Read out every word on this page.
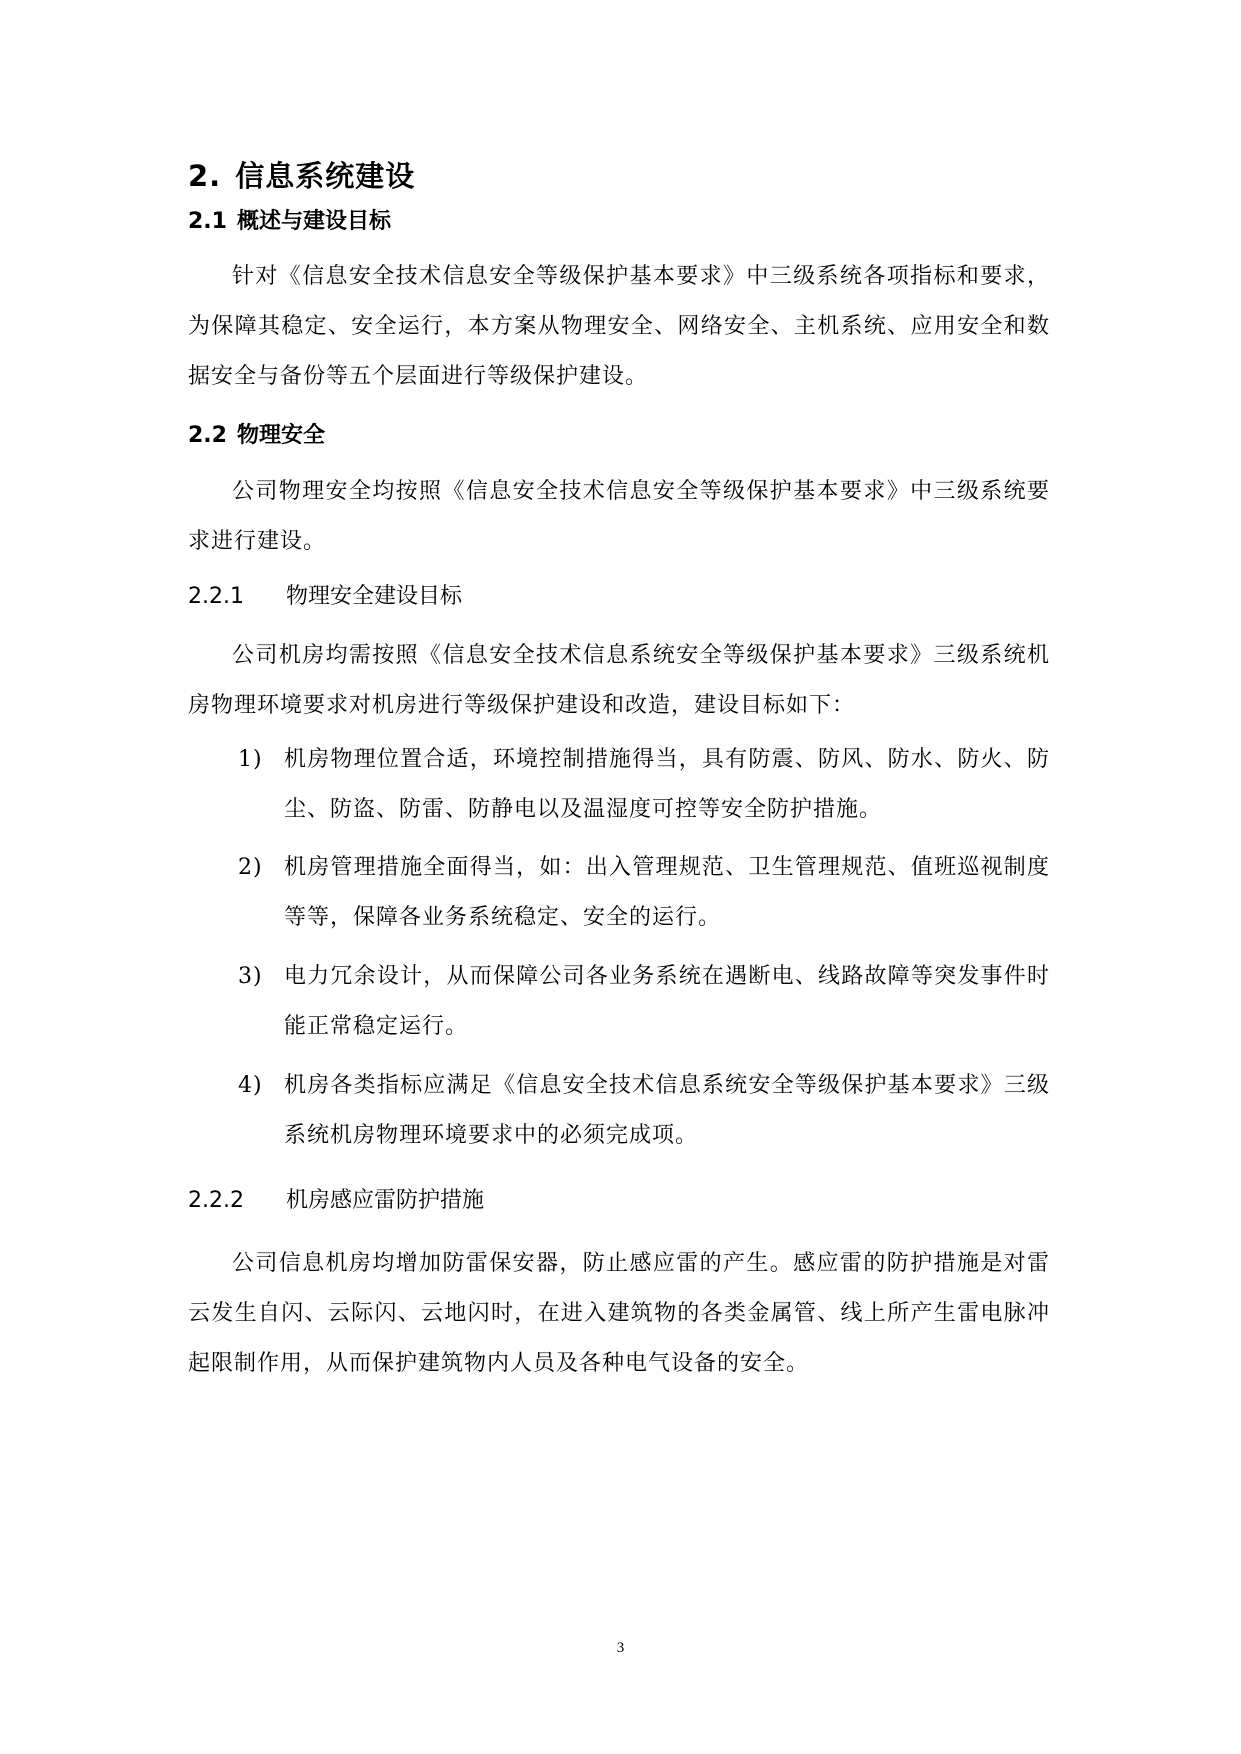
2. 信息系统建设
2.1 概述与建设目标

针对《信息安全技术信息安全等级保护基本要求》中三级系统各项指标和要求，为保障其稳定、安全运行，本方案从物理安全、网络安全、主机系统、应用安全和数据安全与备份等五个层面进行等级保护建设。

2.2 物理安全

公司物理安全均按照《信息安全技术信息安全等级保护基本要求》中三级系统要求进行建设。

2.2.1 物理安全建设目标

公司机房均需按照《信息安全技术信息系统安全等级保护基本要求》三级系统机房物理环境要求对机房进行等级保护建设和改造，建设目标如下：

1) 机房物理位置合适，环境控制措施得当，具有防震、防风、防水、防火、防尘、防盗、防雷、防静电以及温湿度可控等安全防护措施。
2) 机房管理措施全面得当，如：出入管理规范、卫生管理规范、值班巡视制度等等，保障各业务系统稳定、安全的运行。
3) 电力冗余设计，从而保障公司各业务系统在遇断电、线路故障等突发事件时能正常稳定运行。
4) 机房各类指标应满足《信息安全技术信息系统安全等级保护基本要求》三级系统机房物理环境要求中的必须完成项。
2.2.2 机房感应雷防护措施

公司信息机房均增加防雷保安器，防止感应雷的产生。感应雷的防护措施是对雷云发生自闪、云际闪、云地闪时，在进入建筑物的各类金属管、线上所产生雷电脉冲起限制作用，从而保护建筑物内人员及各种电气设备的安全。

3
